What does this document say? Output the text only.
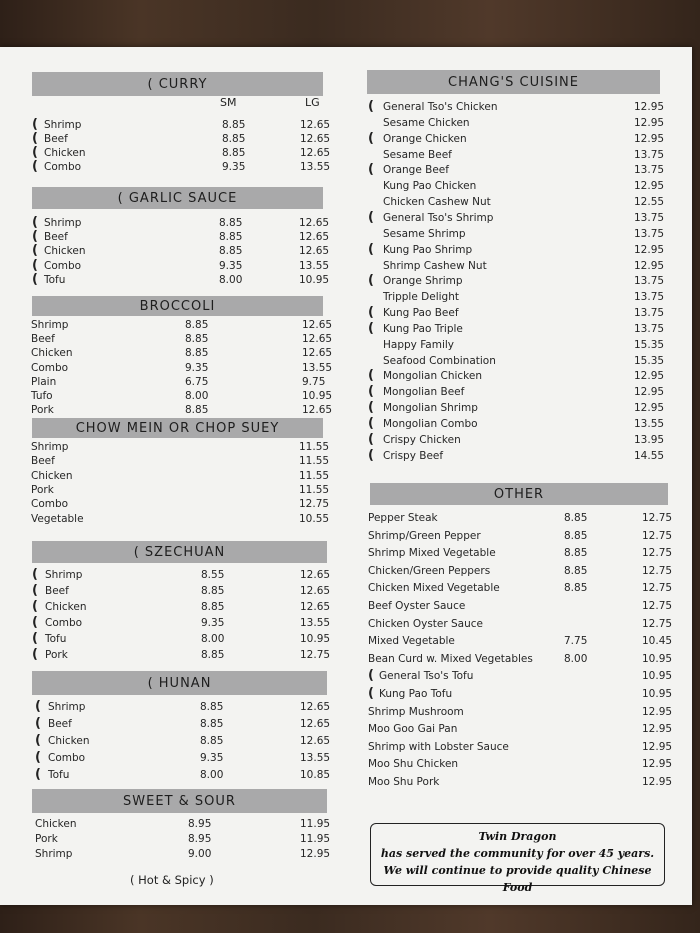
( CURRY
SM	LG
( Shrimp	8.85	12.65
( Beef	8.85	12.65
( Chicken	8.85	12.65
( Combo	9.35	13.55
( GARLIC SAUCE
( Shrimp	8.85	12.65
( Beef	8.85	12.65
( Chicken	8.85	12.65
( Combo	9.35	13.55
( Tofu	8.00	10.95
BROCCOLI
Shrimp	8.85	12.65
Beef	8.85	12.65
Chicken	8.85	12.65
Combo	9.35	13.55
Plain	6.75	9.75
Tufo	8.00	10.95
Pork	8.85	12.65
CHOW MEIN OR CHOP SUEY
Shrimp	11.55
Beef	11.55
Chicken	11.55
Pork	11.55
Combo	12.75
Vegetable	10.55
( SZECHUAN
( Shrimp	8.55	12.65
( Beef	8.85	12.65
( Chicken	8.85	12.65
( Combo	9.35	13.55
( Tofu	8.00	10.95
( Pork	8.85	12.75
( HUNAN
( Shrimp	8.85	12.65
( Beef	8.85	12.65
( Chicken	8.85	12.65
( Combo	9.35	13.55
( Tofu	8.00	10.85
SWEET & SOUR
Chicken	8.95	11.95
Pork	8.95	11.95
Shrimp	9.00	12.95
( Hot & Spicy )
CHANG'S CUISINE
( General Tso's Chicken	12.95
Sesame Chicken	12.95
( Orange Chicken	12.95
Sesame Beef	13.75
( Orange Beef	13.75
Kung Pao Chicken	12.95
Chicken Cashew Nut	12.55
( General Tso's Shrimp	13.75
Sesame Shrimp	13.75
( Kung Pao Shrimp	12.95
Shrimp Cashew Nut	12.95
( Orange Shrimp	13.75
Tripple Delight	13.75
( Kung Pao Beef	13.75
( Kung Pao Triple	13.75
Happy Family	15.35
Seafood Combination	15.35
( Mongolian Chicken	12.95
( Mongolian Beef	12.95
( Mongolian Shrimp	12.95
( Mongolian Combo	13.55
( Crispy Chicken	13.95
( Crispy Beef	14.55
OTHER
Pepper Steak	8.85	12.75
Shrimp/Green Pepper	8.85	12.75
Shrimp Mixed Vegetable	8.85	12.75
Chicken/Green Peppers	8.85	12.75
Chicken Mixed Vegetable	8.85	12.75
Beef Oyster Sauce	12.75
Chicken Oyster Sauce	12.75
Mixed Vegetable	7.75	10.45
Bean Curd w. Mixed Vegetables	8.00	10.95
( General Tso's Tofu	10.95
( Kung Pao Tofu	10.95
Shrimp Mushroom	12.95
Moo Goo Gai Pan	12.95
Shrimp with Lobster Sauce	12.95
Moo Shu Chicken	12.95
Moo Shu Pork	12.95
Twin Dragon
has served the community for over 45 years.
We will continue to provide quality Chinese Food
